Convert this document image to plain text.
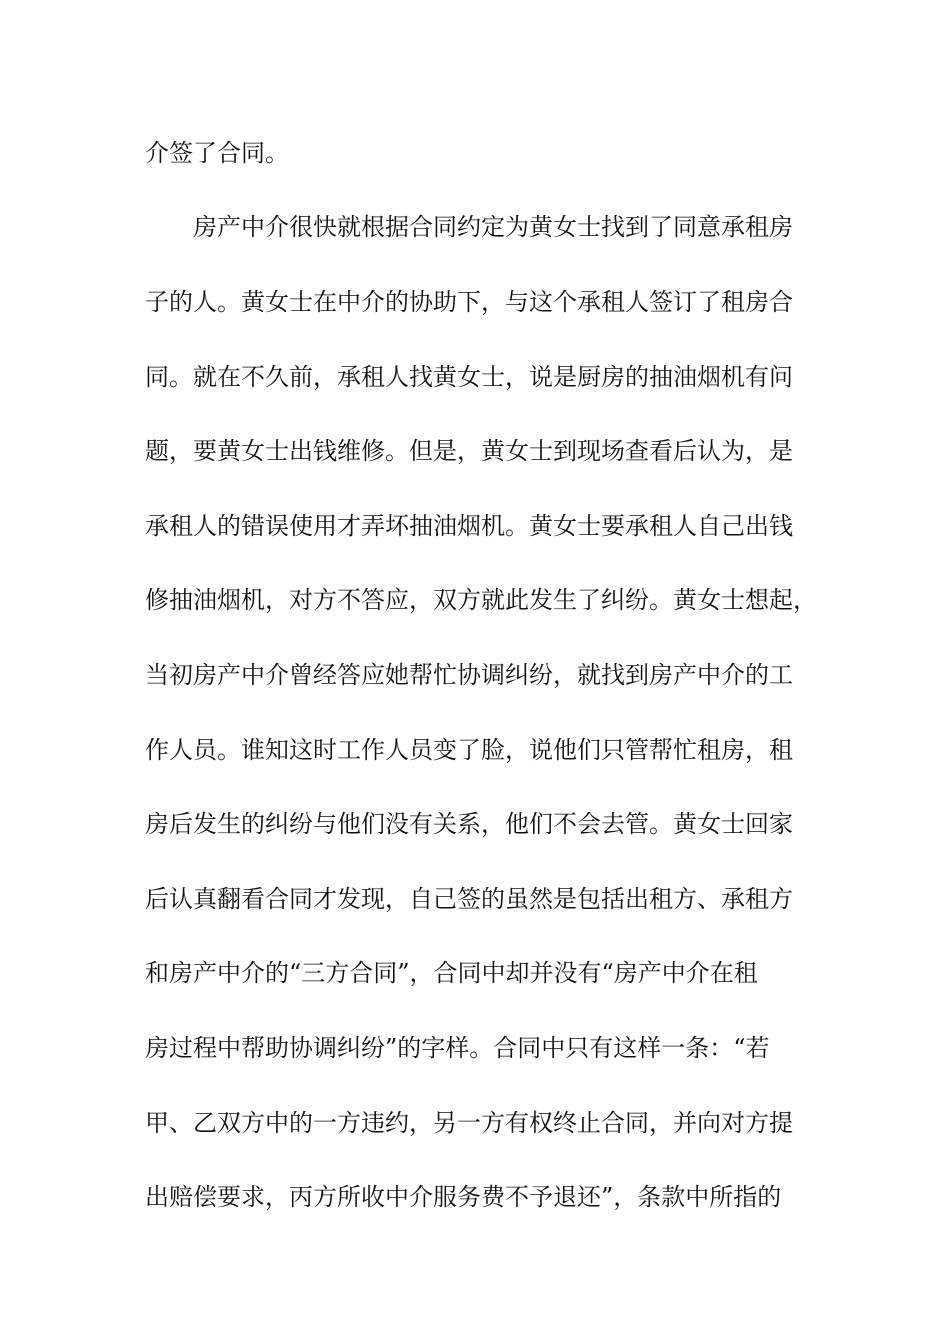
介签了合同。
房产中介很快就根据合同约定为黄女士找到了同意承租房
子的人。黄女士在中介的协助下，与这个承租人签订了租房合
同。就在不久前，承租人找黄女士，说是厨房的抽油烟机有问
题，要黄女士出钱维修。但是，黄女士到现场查看后认为，是
承租人的错误使用才弄坏抽油烟机。黄女士要承租人自己出钱
修抽油烟机，对方不答应，双方就此发生了纠纷。黄女士想起，
当初房产中介曾经答应她帮忙协调纠纷，就找到房产中介的工
作人员。谁知这时工作人员变了脸，说他们只管帮忙租房，租
房后发生的纠纷与他们没有关系，他们不会去管。黄女士回家
后认真翻看合同才发现，自己签的虽然是包括出租方、承租方
和房产中介的“三方合同”，合同中却并没有“房产中介在租
房过程中帮助协调纠纷”的字样。合同中只有这样一条：“若
甲、乙双方中的一方违约，另一方有权终止合同，并向对方提
出赔偿要求，丙方所收中介服务费不予退还”，条款中所指的
